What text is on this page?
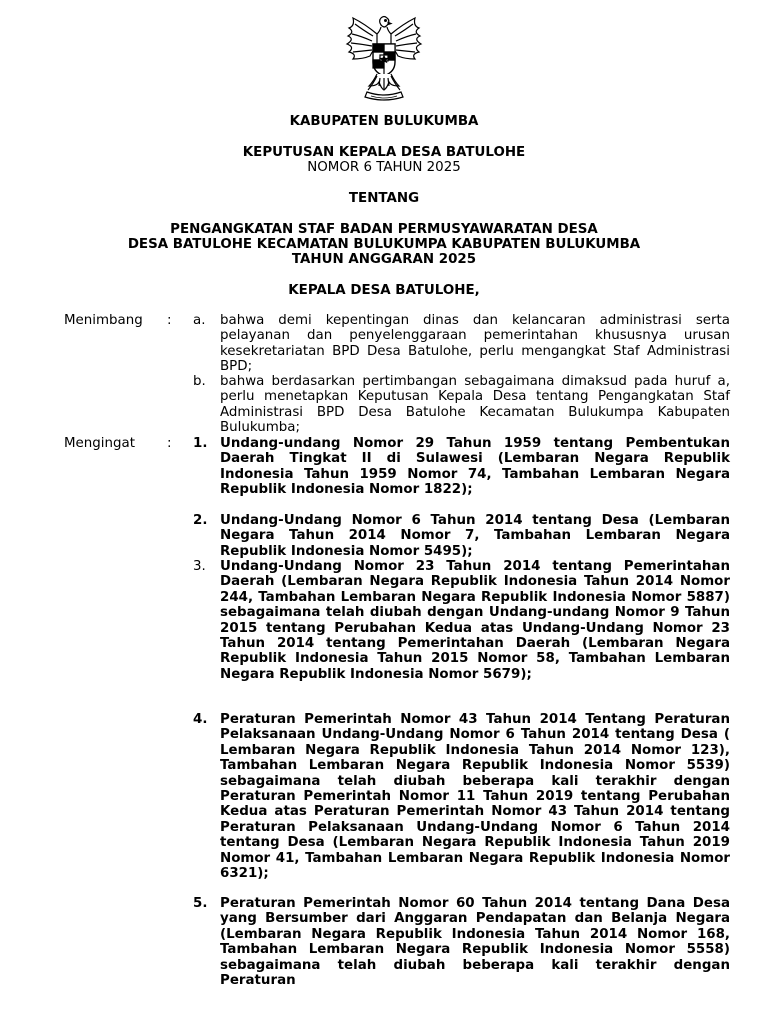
KABUPATEN BULUKUMBA
KEPUTUSAN KEPALA DESA BATULOHE
NOMOR 6 TAHUN 2025
TENTANG
PENGANGKATAN STAF BADAN PERMUSYAWARATAN DESA
DESA BATULOHE KECAMATAN BULUKUMPA KABUPATEN BULUKUMBA
TAHUN ANGGARAN 2025
KEPALA DESA BATULOHE,
Menimbang : a. bahwa demi kepentingan dinas dan kelancaran administrasi serta pelayanan dan penyelenggaraan pemerintahan khususnya urusan kesekretariatan BPD Desa Batulohe, perlu mengangkat Staf Administrasi BPD;
b. bahwa berdasarkan pertimbangan sebagaimana dimaksud pada huruf a, perlu menetapkan Keputusan Kepala Desa tentang Pengangkatan Staf Administrasi BPD Desa Batulohe Kecamatan Bulukumpa Kabupaten Bulukumba;
Mengingat : 1. Undang-undang Nomor 29 Tahun 1959 tentang Pembentukan Daerah Tingkat II di Sulawesi (Lembaran Negara Republik Indonesia Tahun 1959 Nomor 74, Tambahan Lembaran Negara Republik Indonesia Nomor 1822);
2. Undang-Undang Nomor 6 Tahun 2014 tentang Desa (Lembaran Negara Tahun 2014 Nomor 7, Tambahan Lembaran Negara Republik Indonesia Nomor 5495);
3. Undang-Undang Nomor 23 Tahun 2014 tentang Pemerintahan Daerah (Lembaran Negara Republik Indonesia Tahun 2014 Nomor 244, Tambahan Lembaran Negara Republik Indonesia Nomor 5887) sebagaimana telah diubah dengan Undang-undang Nomor 9 Tahun 2015 tentang Perubahan Kedua atas Undang-Undang Nomor 23 Tahun 2014 tentang Pemerintahan Daerah (Lembaran Negara Republik Indonesia Tahun 2015 Nomor 58, Tambahan Lembaran Negara Republik Indonesia Nomor 5679);
4. Peraturan Pemerintah Nomor 43 Tahun 2014 Tentang Peraturan Pelaksanaan Undang-Undang Nomor 6 Tahun 2014 tentang Desa ( Lembaran Negara Republik Indonesia Tahun 2014 Nomor 123), Tambahan Lembaran Negara Republik Indonesia Nomor 5539) sebagaimana telah diubah beberapa kali terakhir dengan Peraturan Pemerintah Nomor 11 Tahun 2019 tentang Perubahan Kedua atas Peraturan Pemerintah Nomor 43 Tahun 2014 tentang Peraturan Pelaksanaan Undang-Undang Nomor 6 Tahun 2014 tentang Desa (Lembaran Negara Republik Indonesia Tahun 2019 Nomor 41, Tambahan Lembaran Negara Republik Indonesia Nomor 6321);
5. Peraturan Pemerintah Nomor 60 Tahun 2014 tentang Dana Desa yang Bersumber dari Anggaran Pendapatan dan Belanja Negara (Lembaran Negara Republik Indonesia Tahun 2014 Nomor 168, Tambahan Lembaran Negara Republik Indonesia Nomor 5558) sebagaimana telah diubah beberapa kali terakhir dengan Peraturan
